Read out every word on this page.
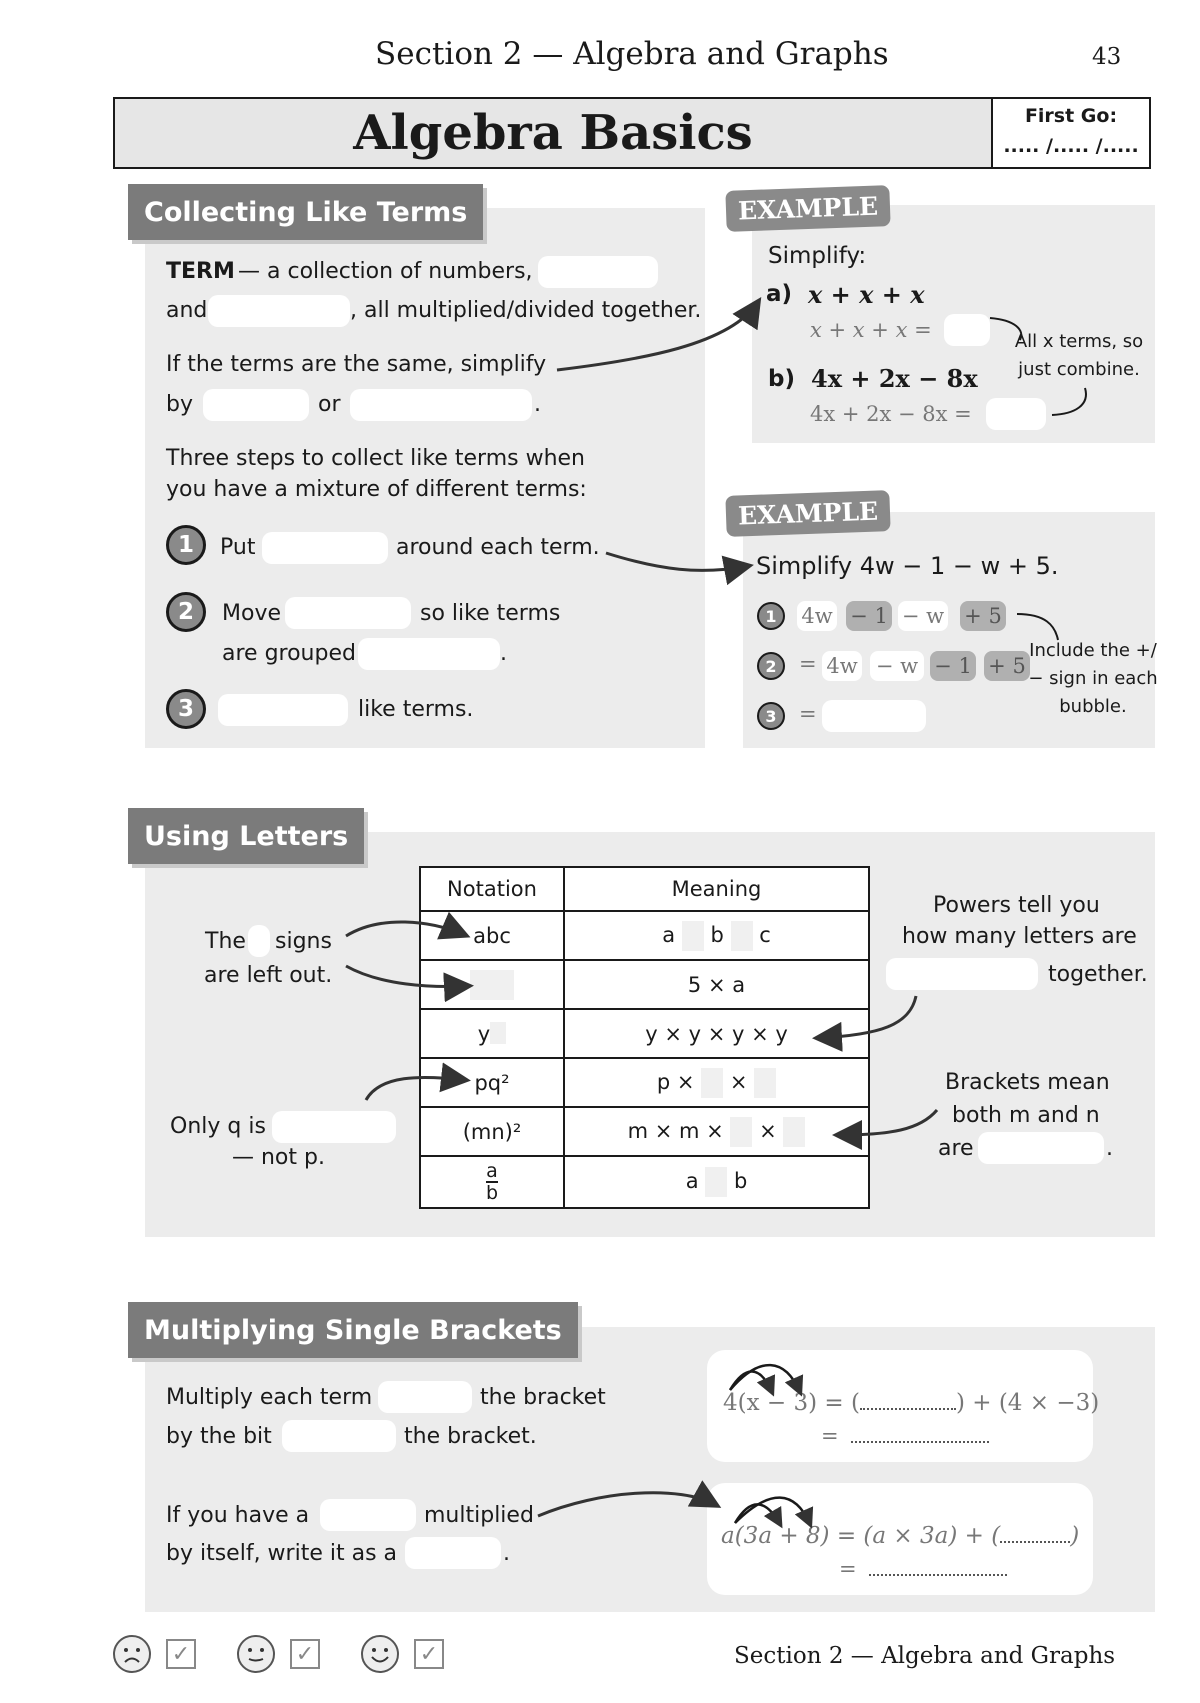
Section 2 — Algebra and Graphs	43
Algebra Basics	First Go:
..... /..... /.....
Collecting Like Terms
TERM — a collection of numbers,
and	, all multiplied/divided together.
If the terms are the same, simplify
by	or	.
Three steps to collect like terms when
you have a mixture of different terms:
1	Put	around each term.
2	Move	so like terms
are grouped	.
3	like terms.
EXAMPLE
Simplify:
a) x + x + x
x + x + x =
b) 4x + 2x − 8x
4x + 2x − 8x =
All x terms, so just combine.
EXAMPLE
Simplify 4w − 1 − w + 5.
1	4w − 1 − w + 5
2	= 4w − w − 1 + 5
3	=
Include the +/− sign in each bubble.
Using Letters
Notation	Meaning
abc	a b c
	5 × a
y	y × y × y × y
pq²	p × ×
(mn)²	m × m × ×

$\frac{a}{b}$	a b
The signs
are left out.
Powers tell you
how many letters are
together.
Only q is
— not p.
Brackets mean
both m and n
are	.
Multiplying Single Brackets
Multiply each term	the bracket
by the bit	the bracket.
If you have a	multiplied
by itself, write it as a	.
4(x − 3) = (	) + (4 × −3)
=
a(3a + 8) = (a × 3a) + (	)
=
✓	✓	✓	Section 2 — Algebra and Graphs
